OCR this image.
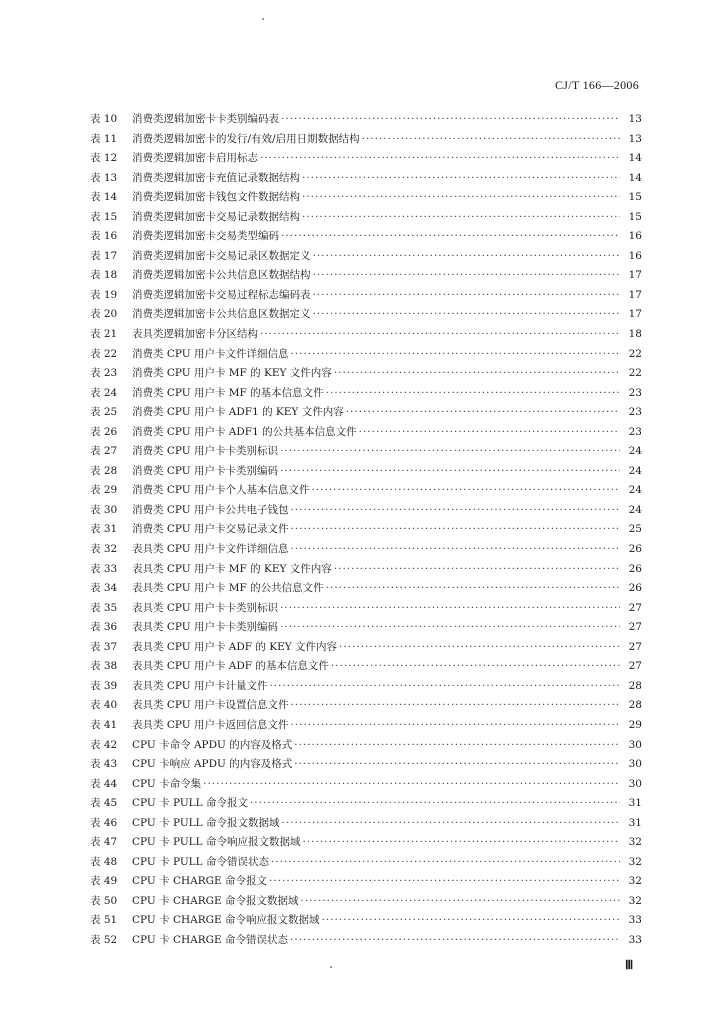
CJ/T 166—2006
表 10	消费类逻辑加密卡卡类别编码表 ·····	13
表 11	消费类逻辑加密卡的发行/有效/启用日期数据结构 ·····	13
表 12	消费类逻辑加密卡启用标志 ·····	14
表 13	消费类逻辑加密卡充值记录数据结构 ·····	14
表 14	消费类逻辑加密卡钱包文件数据结构 ·····	15
表 15	消费类逻辑加密卡交易记录数据结构 ·····	15
表 16	消费类逻辑加密卡交易类型编码 ·····	16
表 17	消费类逻辑加密卡交易记录区数据定义 ·····	16
表 18	消费类逻辑加密卡公共信息区数据结构 ·····	17
表 19	消费类逻辑加密卡交易过程标志编码表 ·····	17
表 20	消费类逻辑加密卡公共信息区数据定义 ·····	17
表 21	表具类逻辑加密卡分区结构 ·····	18
表 22	消费类 CPU 用户卡文件详细信息 ·····	22
表 23	消费类 CPU 用户卡 MF 的 KEY 文件内容 ·····	22
表 24	消费类 CPU 用户卡 MF 的基本信息文件 ·····	23
表 25	消费类 CPU 用户卡 ADF1 的 KEY 文件内容 ·····	23
表 26	消费类 CPU 用户卡 ADF1 的公共基本信息文件 ·····	23
表 27	消费类 CPU 用户卡卡类别标识 ·····	24
表 28	消费类 CPU 用户卡卡类别编码 ·····	24
表 29	消费类 CPU 用户卡个人基本信息文件 ·····	24
表 30	消费类 CPU 用户卡公共电子钱包 ·····	24
表 31	消费类 CPU 用户卡交易记录文件 ·····	25
表 32	表具类 CPU 用户卡文件详细信息 ·····	26
表 33	表具类 CPU 用户卡 MF 的 KEY 文件内容 ·····	26
表 34	表具类 CPU 用户卡 MF 的公共信息文件 ·····	26
表 35	表具类 CPU 用户卡卡类别标识 ·····	27
表 36	表具类 CPU 用户卡卡类别编码 ·····	27
表 37	表具类 CPU 用户卡 ADF 的 KEY 文件内容 ·····	27
表 38	表具类 CPU 用户卡 ADF 的基本信息文件 ·····	27
表 39	表具类 CPU 用户卡计量文件 ·····	28
表 40	表具类 CPU 用户卡设置信息文件 ·····	28
表 41	表具类 CPU 用户卡返回信息文件 ·····	29
表 42	CPU 卡命令 APDU 的内容及格式 ·····	30
表 43	CPU 卡响应 APDU 的内容及格式 ·····	30
表 44	CPU 卡命令集 ·····	30
表 45	CPU 卡 PULL 命令报文 ·····	31
表 46	CPU 卡 PULL 命令报文数据域 ·····	31
表 47	CPU 卡 PULL 命令响应报文数据域 ·····	32
表 48	CPU 卡 PULL 命令错误状态 ·····	32
表 49	CPU 卡 CHARGE 命令报文 ·····	32
表 50	CPU 卡 CHARGE 命令报文数据域 ·····	32
表 51	CPU 卡 CHARGE 命令响应报文数据域 ·····	33
表 52	CPU 卡 CHARGE 命令错误状态 ·····	33
Ⅲ
